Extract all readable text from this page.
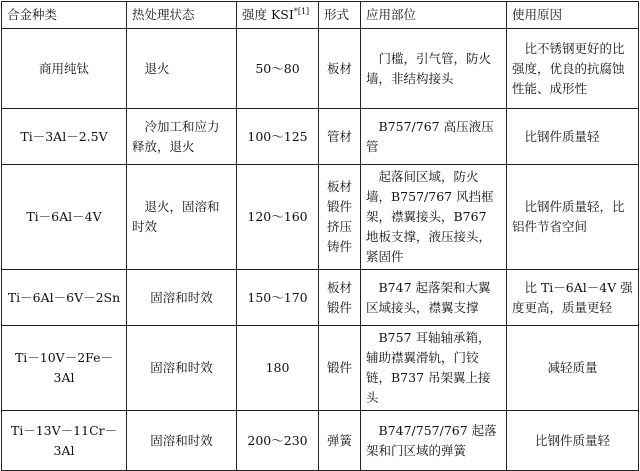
合金种类	热处理状态	强度 $KSI^{*[1]}$	形式	应用部位	使用原因
商用纯钛	退火	50～80	板材	门槛，引气管，防火墙，非结构接头	比不锈钢更好的比强度，优良的抗腐蚀性能、成形性
Ti－3Al－2.5V	冷加工和应力释放，退火	100～125	管材	B757/767 高压液压管	比钢件质量轻
Ti－6Al－4V	退火，固溶和时效	120～160	板材锻件挤压铸件	起落间区域，防火墙，B757/767 风挡框架，襟翼接头，B767 地板支撑，液压接头，紧固件	比钢件质量轻，比铝件节省空间
Ti－6Al－6V－2Sn	固溶和时效	150～170	板材锻件	B747 起落架和大翼区域接头，襟翼支撑	比 Ti－6Al－4V 强度更高，质量更轻
Ti－10V－2Fe－3Al	固溶和时效	180	锻件	B757 耳轴轴承箱，辅助襟翼滑轨，门铰链，B737 吊架翼上接头	减轻质量
Ti－13V－11Cr－3Al	固溶和时效	200～230	弹簧	B747/757/767 起落架和门区域的弹簧	比钢件质量轻
